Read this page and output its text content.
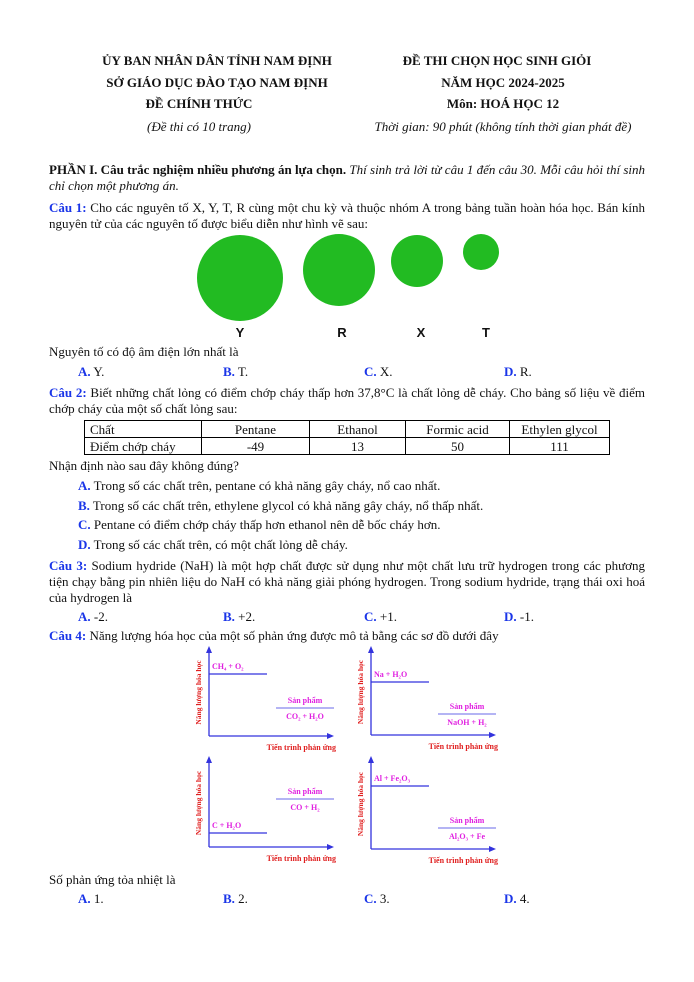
ỦY BAN NHÂN DÂN TỈNH NAM ĐỊNH
SỞ GIÁO DỤC ĐÀO TẠO NAM ĐỊNH
ĐỀ CHÍNH THỨC
(Đề thi có 10 trang)
ĐỀ THI CHỌN HỌC SINH GIỎI
NĂM HỌC 2024-2025
Môn: HOÁ HỌC 12
Thời gian: 90 phút (không tính thời gian phát đề)
PHẦN I. Câu trắc nghiệm nhiều phương án lựa chọn. Thí sinh trả lời từ câu 1 đến câu 30. Mỗi câu hỏi thí sinh chỉ chọn một phương án.
Câu 1: Cho các nguyên tố X, Y, T, R cùng một chu kỳ và thuộc nhóm A trong bảng tuần hoàn hóa học. Bán kính nguyên tử của các nguyên tố được biểu diễn như hình vẽ sau:
Y	R	X	T
Nguyên tố có độ âm điện lớn nhất là
A. Y.	B. T.	C. X.	D. R.
Câu 2: Biết những chất lỏng có điểm chớp cháy thấp hơn 37,8°C là chất lỏng dễ cháy. Cho bảng số liệu về điểm chớp cháy của một số chất lỏng sau:
Chất	Pentane	Ethanol	Formic acid	Ethylen glycol
Điểm chớp cháy	-49	13	50	111
Nhận định nào sau đây không đúng?
A. Trong số các chất trên, pentane có khả năng gây cháy, nổ cao nhất.
B. Trong số các chất trên, ethylene glycol có khả năng gây cháy, nổ thấp nhất.
C. Pentane có điểm chớp cháy thấp hơn ethanol nên dễ bốc cháy hơn.
D. Trong số các chất trên, có một chất lỏng dễ cháy.
Câu 3: Sodium hydride (NaH) là một hợp chất được sử dụng như một chất lưu trữ hydrogen trong các phương tiện chạy bằng pin nhiên liệu do NaH có khả năng giải phóng hydrogen. Trong sodium hydride, trạng thái oxi hoá của hydrogen là
A. -2.	B. +2.	C. +1.	D. -1.
Câu 4: Năng lượng hóa học của một số phản ứng được mô tả bằng các sơ đồ dưới đây
CH₄ + O₂
Sản phẩm
CO₂ + H₂O
Tiến trình phản ứng
Năng lượng hóa học	Na + H₂O
Sản phẩm
NaOH + H₂
Tiến trình phản ứng
Năng lượng hóa học
C + H₂O
Sản phẩm
CO + H₂
Tiến trình phản ứng
Năng lượng hóa học	Al + Fe₂O₃
Sản phẩm
Al₂O₃ + Fe
Tiến trình phản ứng
Năng lượng hóa học
Số phản ứng tỏa nhiệt là
A. 1.	B. 2.	C. 3.	D. 4.
